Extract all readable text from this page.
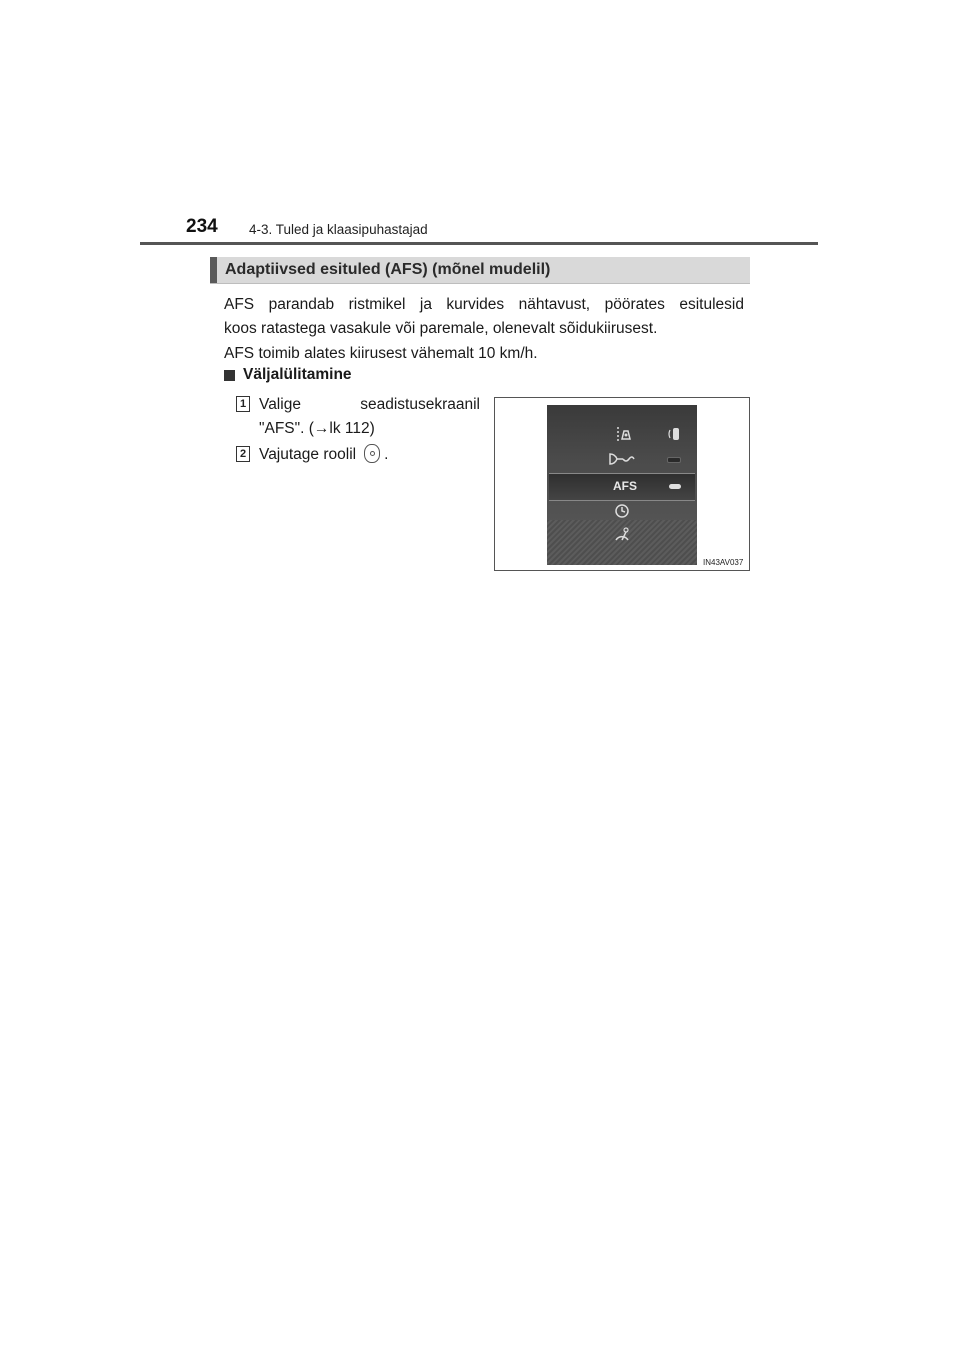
234 4-3. Tuled ja klaasipuhastajad
Adaptiivsed esituled (AFS) (mõnel mudelil)
AFS parandab ristmikel ja kurvides nähtavust, pöörates esitulesid
koos ratastega vasakule või paremale, olenevalt sõidukiirusest.
AFS toimib alates kiirusest vähemalt 10 km/h.
Väljalülitamine
1 Valige seadistusekraanil
"AFS". (→lk 112)
2 Vajutage roolil .
AFS
IN43AV037
